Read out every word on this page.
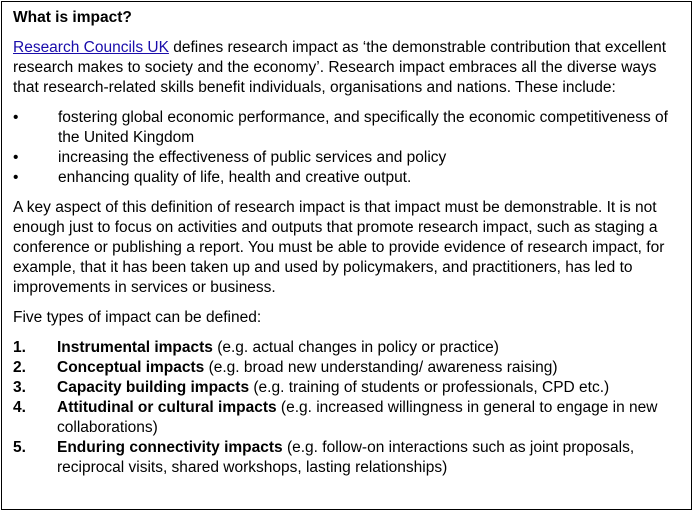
What is impact?

Research Councils UK defines research impact as ‘the demonstrable contribution that excellent research makes to society and the economy’. Research impact embraces all the diverse ways that research-related skills benefit individuals, organisations and nations. These include:

•	fostering global economic performance, and specifically the economic competitiveness of the United Kingdom
•	increasing the effectiveness of public services and policy
•	enhancing quality of life, health and creative output.

A key aspect of this definition of research impact is that impact must be demonstrable. It is not enough just to focus on activities and outputs that promote research impact, such as staging a conference or publishing a report. You must be able to provide evidence of research impact, for example, that it has been taken up and used by policymakers, and practitioners, has led to improvements in services or business.

Five types of impact can be defined:

1. Instrumental impacts (e.g. actual changes in policy or practice)
2. Conceptual impacts (e.g. broad new understanding/ awareness raising)
3. Capacity building impacts (e.g. training of students or professionals, CPD etc.)
4. Attitudinal or cultural impacts (e.g. increased willingness in general to engage in new collaborations)
5. Enduring connectivity impacts (e.g. follow-on interactions such as joint proposals, reciprocal visits, shared workshops, lasting relationships)
